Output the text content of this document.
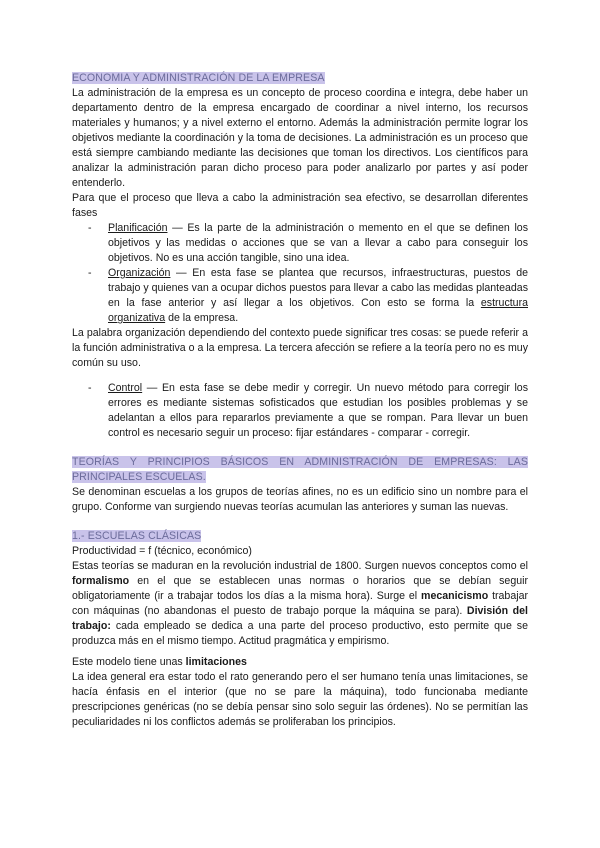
ECONOMIA Y ADMINISTRACIÓN DE LA EMPRESA

La administración de la empresa es un concepto de proceso coordina e integra, debe haber un departamento dentro de la empresa encargado de coordinar a nivel interno, los recursos materiales y humanos; y a nivel externo el entorno. Además la administración permite lograr los objetivos mediante la coordinación y la toma de decisiones. La administración es un proceso que está siempre cambiando mediante las decisiones que toman los directivos. Los científicos para analizar la administración paran dicho proceso para poder analizarlo por partes y así poder entenderlo.

Para que el proceso que lleva a cabo la administración sea efectivo, se desarrollan diferentes fases

- Planificación — Es la parte de la administración o memento en el que se definen los objetivos y las medidas o acciones que se van a llevar a cabo para conseguir los objetivos. No es una acción tangible, sino una idea.
- Organización — En esta fase se plantea que recursos, infraestructuras, puestos de trabajo y quienes van a ocupar dichos puestos para llevar a cabo las medidas planteadas en la fase anterior y así llegar a los objetivos. Con esto se forma la estructura organizativa de la empresa.

La palabra organización dependiendo del contexto puede significar tres cosas: se puede referir a la función administrativa o a la empresa. La tercera afección se refiere a la teoría pero no es muy común su uso.

- Control — En esta fase se debe medir y corregir. Un nuevo método para corregir los errores es mediante sistemas sofisticados que estudian los posibles problemas y se adelantan a ellos para repararlos previamente a que se rompan. Para llevar un buen control es necesario seguir un proceso: fijar estándares - comparar - corregir.

TEORÍAS Y PRINCIPIOS BÁSICOS EN ADMINISTRACIÓN DE EMPRESAS: LAS PRINCIPALES ESCUELAS.

Se denominan escuelas a los grupos de teorías afines, no es un edificio sino un nombre para el grupo. Conforme van surgiendo nuevas teorías acumulan las anteriores y suman las nuevas.

1.- ESCUELAS CLÁSICAS

Productividad = f (técnico, económico)

Estas teorías se maduran en la revolución industrial de 1800. Surgen nuevos conceptos como el formalismo en el que se establecen unas normas o horarios que se debían seguir obligatoriamente (ir a trabajar todos los días a la misma hora). Surge el mecanicismo trabajar con máquinas (no abandonas el puesto de trabajo porque la máquina se para). División del trabajo: cada empleado se dedica a una parte del proceso productivo, esto permite que se produzca más en el mismo tiempo. Actitud pragmática y empirismo.

Este modelo tiene unas limitaciones

La idea general era estar todo el rato generando pero el ser humano tenía unas limitaciones, se hacía énfasis en el interior (que no se pare la máquina), todo funcionaba mediante prescripciones genéricas (no se debía pensar sino solo seguir las órdenes). No se permitían las peculiaridades ni los conflictos además se proliferaban los principios.
